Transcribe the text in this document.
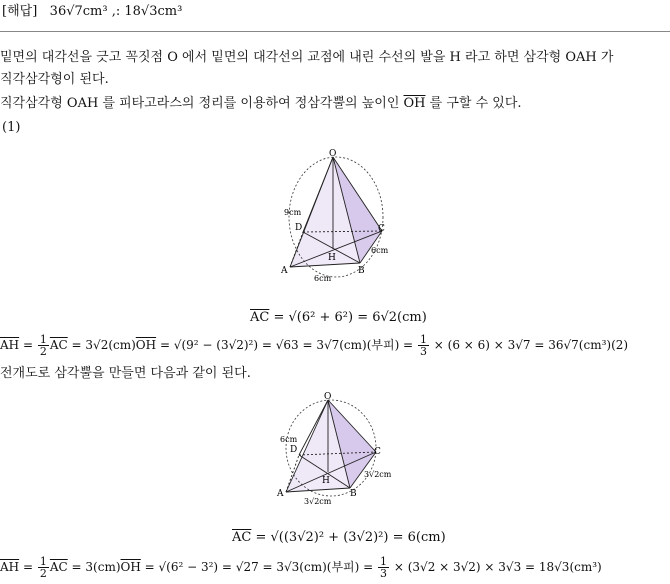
[해답] 36√7cm³ ,: 18√3cm³
밑면의 대각선을 긋고 꼭짓점 O 에서 밑면의 대각선의 교점에 내린 수선의 발을 H 라고 하면 삼각형 OAH 가
직각삼각형이 된다.
직각삼각형 OAH 를 피타고라스의 정리를 이용하여 정삼각뿔의 높이인 $\overline{OH}$ 를 구할 수 있다.
(1)
O
A	B
C
D
H
9cm
6cm
6cm
$\overline{AC} = √(6^2 + 6^2) = 6√2(cm)$
$\overline{AH} = \frac{1}{2} \overline{AC} = 3√2(cm)\overline{OH} = √(9^2 - (3√2)^2) = √63 = 3√7(cm)$(부피) = $\frac{1}{3} \times (6 \times 6) \times 3√7 = 36√7(cm^3)(2)$
전개도로 삼각뿔을 만들면 다음과 같이 된다.
O
A	B
C
D
H
6cm
3√2cm
3√2cm
$\overline{AC} = √((3√2)^2 + (3√2)^2) = 6(cm)$
$\overline{AH} = \frac{1}{2} \overline{AC} = 3(cm)\overline{OH} = √(6^2 - 3^2) = √27 = 3√3(cm)$(부피) = $\frac{1}{3} \times (3√2 \times 3√2) \times 3√3 = 18√3(cm^3)$
